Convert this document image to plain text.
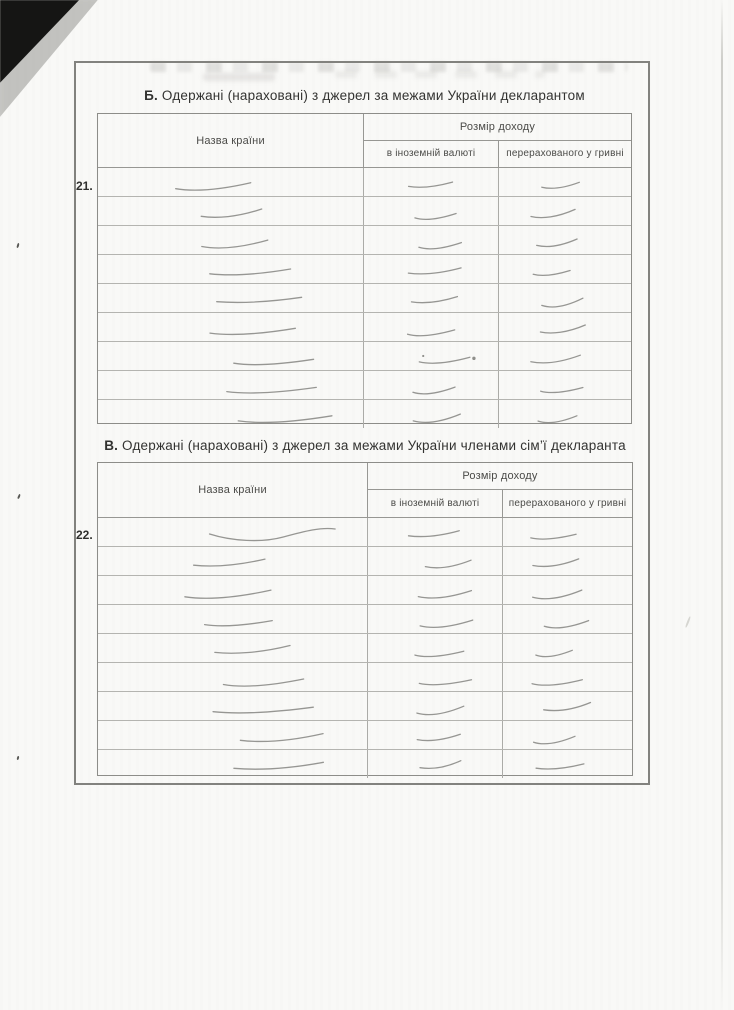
Б. Одержані (нараховані) з джерел за межами України декларантом
21.
Назва країни
Розмір доходу
в іноземній валюті	перерахованого у гривні
В. Одержані (нараховані) з джерел за межами України членами сім’ї декларанта
22.
Назва країни
Розмір доходу
в іноземній валюті	перерахованого у гривні
